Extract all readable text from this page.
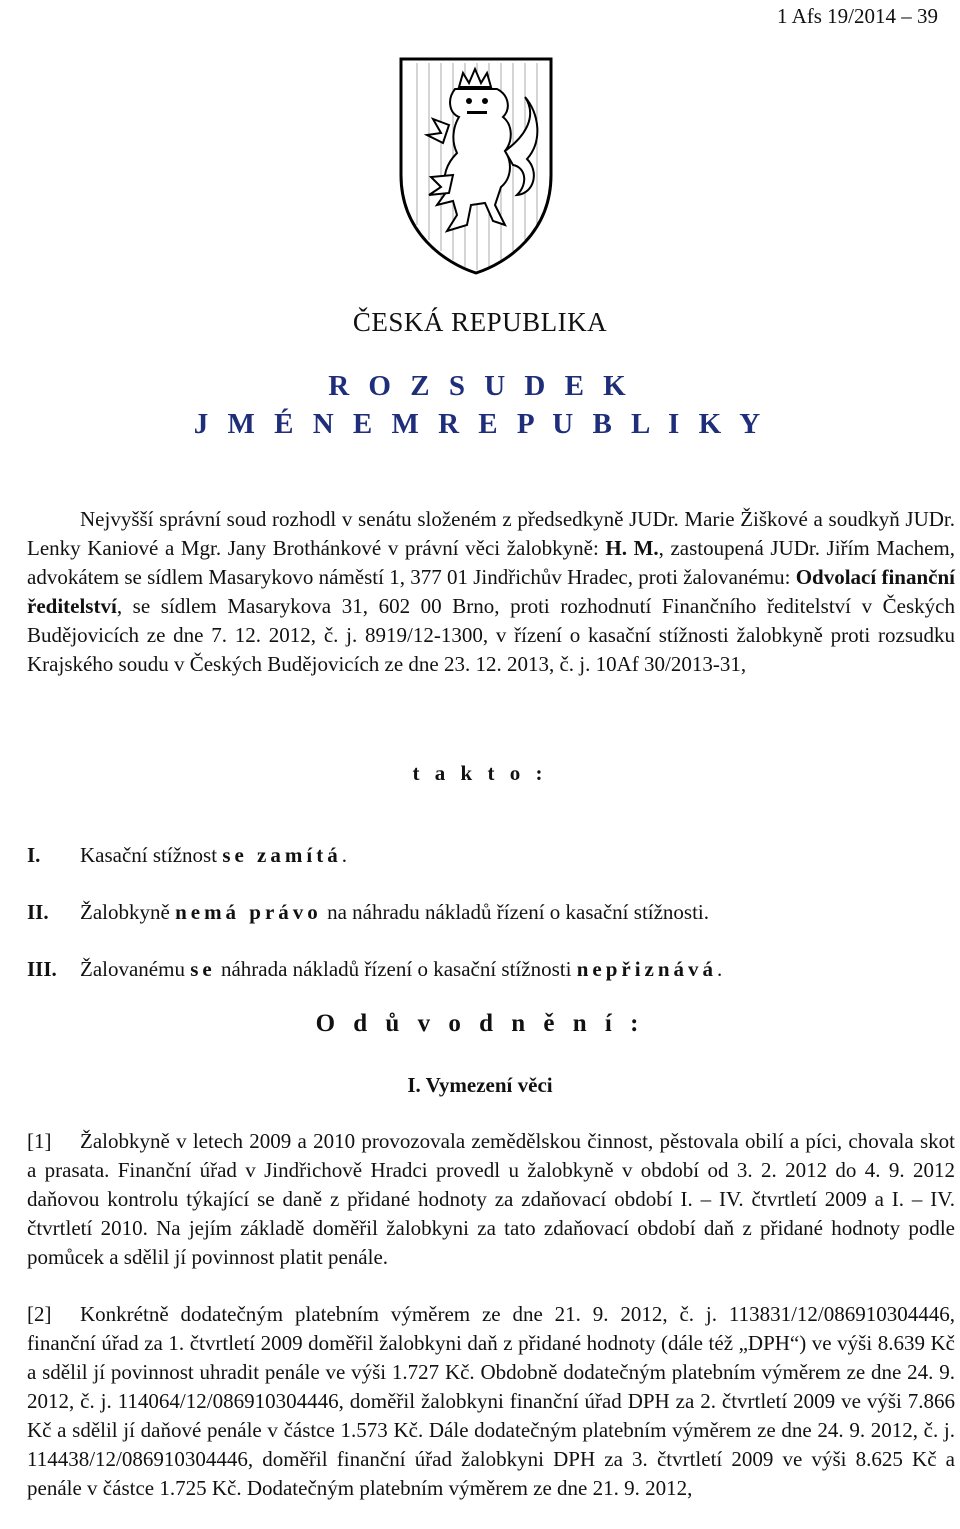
1 Afs 19/2014 – 39
ČESKÁ REPUBLIKA
R O Z S U D E K
J M É N E M R E P U B L I K Y
Nejvyšší správní soud rozhodl v senátu složeném z předsedkyně JUDr. Marie Žiškové a soudkyň JUDr. Lenky Kaniové a Mgr. Jany Brothánkové v právní věci žalobkyně: H. M., zastoupená JUDr. Jiřím Machem, advokátem se sídlem Masarykovo náměstí 1, 377 01 Jindřichův Hradec, proti žalovanému: Odvolací finanční ředitelství, se sídlem Masarykova 31, 602 00 Brno, proti rozhodnutí Finančního ředitelství v Českých Budějovicích ze dne 7. 12. 2012, č. j. 8919/12-1300, v řízení o kasační stížnosti žalobkyně proti rozsudku Krajského soudu v Českých Budějovicích ze dne 23. 12. 2013, č. j. 10Af 30/2013-31,
t a k t o :
I. Kasační stížnost se zamítá.
II. Žalobkyně nemá právo na náhradu nákladů řízení o kasační stížnosti.
III. Žalovanému se náhrada nákladů řízení o kasační stížnosti nepřiznává.
O d ů v o d n ě n í :
I. Vymezení věci
[1] Žalobkyně v letech 2009 a 2010 provozovala zemědělskou činnost, pěstovala obilí a píci, chovala skot a prasata. Finanční úřad v Jindřichově Hradci provedl u žalobkyně v období od 3. 2. 2012 do 4. 9. 2012 daňovou kontrolu týkající se daně z přidané hodnoty za zdaňovací období I. – IV. čtvrtletí 2009 a I. – IV. čtvrtletí 2010. Na jejím základě doměřil žalobkyni za tato zdaňovací období daň z přidané hodnoty podle pomůcek a sdělil jí povinnost platit penále.
[2] Konkrétně dodatečným platebním výměrem ze dne 21. 9. 2012, č. j. 113831/12/086910304446, finanční úřad za 1. čtvrtletí 2009 doměřil žalobkyni daň z přidané hodnoty (dále též „DPH“) ve výši 8.639 Kč a sdělil jí povinnost uhradit penále ve výši 1.727 Kč. Obdobně dodatečným platebním výměrem ze dne 24. 9. 2012, č. j. 114064/12/086910304446, doměřil žalobkyni finanční úřad DPH za 2. čtvrtletí 2009 ve výši 7.866 Kč a sdělil jí daňové penále v částce 1.573 Kč. Dále dodatečným platebním výměrem ze dne 24. 9. 2012, č. j. 114438/12/086910304446, doměřil finanční úřad žalobkyni DPH za 3. čtvrtletí 2009 ve výši 8.625 Kč a penále v částce 1.725 Kč. Dodatečným platebním výměrem ze dne 21. 9. 2012,
